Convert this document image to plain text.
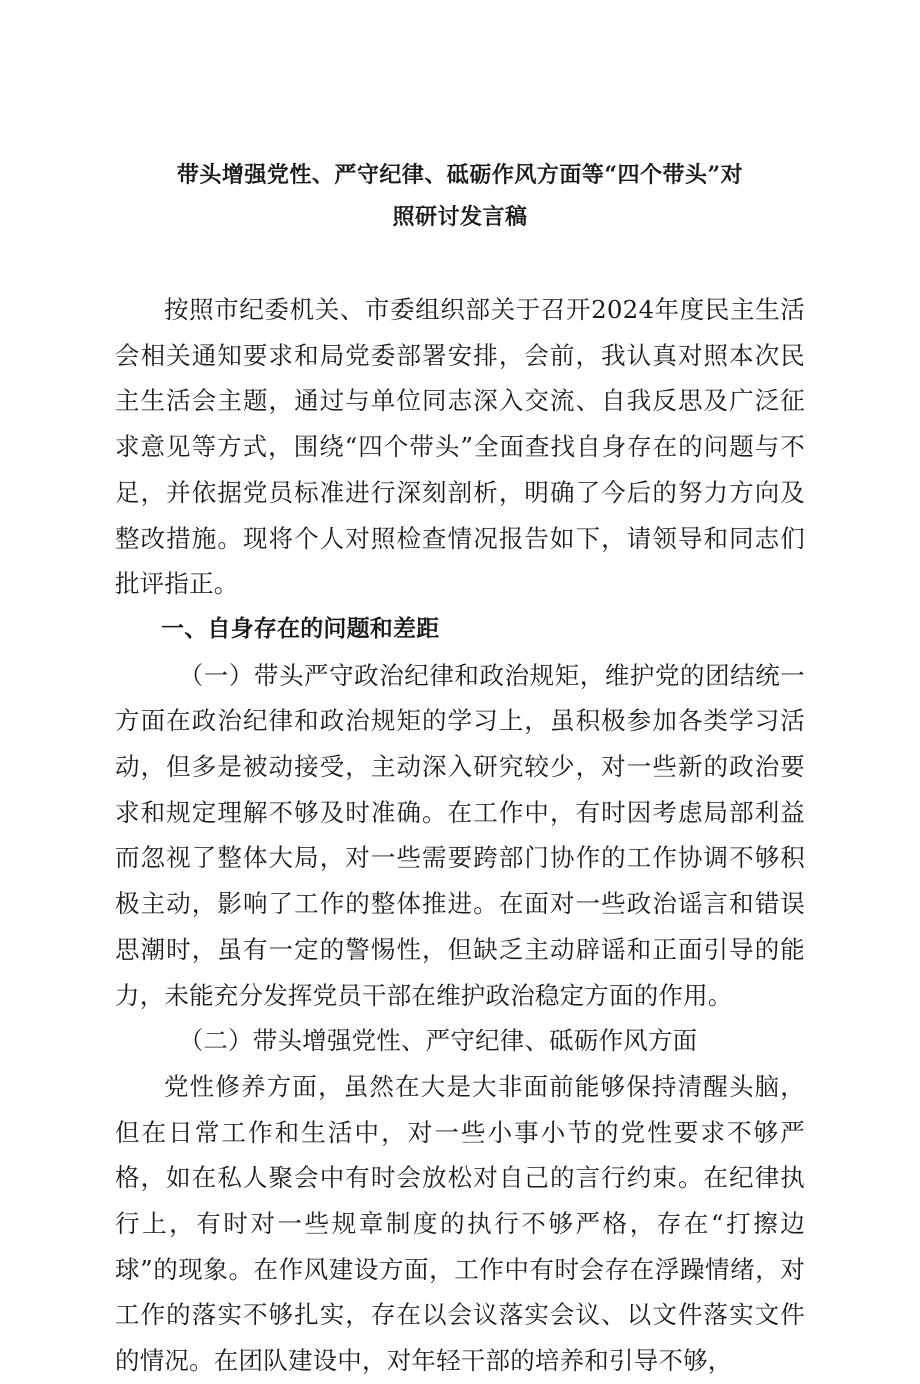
带头增强党性、严守纪律、砥砺作风方面等“四个带头”对
照研讨发言稿

按照市纪委机关、市委组织部关于召开2024年度民主生活会相关通知要求和局党委部署安排，会前，我认真对照本次民主生活会主题，通过与单位同志深入交流、自我反思及广泛征求意见等方式，围绕“四个带头”全面查找自身存在的问题与不足，并依据党员标准进行深刻剖析，明确了今后的努力方向及整改措施。现将个人对照检查情况报告如下，请领导和同志们批评指正。

一、自身存在的问题和差距

（一）带头严守政治纪律和政治规矩，维护党的团结统一方面在政治纪律和政治规矩的学习上，虽积极参加各类学习活动，但多是被动接受，主动深入研究较少，对一些新的政治要求和规定理解不够及时准确。在工作中，有时因考虑局部利益而忽视了整体大局，对一些需要跨部门协作的工作协调不够积极主动，影响了工作的整体推进。在面对一些政治谣言和错误思潮时，虽有一定的警惕性，但缺乏主动辟谣和正面引导的能力，未能充分发挥党员干部在维护政治稳定方面的作用。

（二）带头增强党性、严守纪律、砥砺作风方面

党性修养方面，虽然在大是大非面前能够保持清醒头脑，但在日常工作和生活中，对一些小事小节的党性要求不够严格，如在私人聚会中有时会放松对自己的言行约束。在纪律执行上，有时对一些规章制度的执行不够严格，存在“打擦边球”的现象。在作风建设方面，工作中有时会存在浮躁情绪，对工作的落实不够扎实，存在以会议落实会议、以文件落实文件的情况。在团队建设中，对年轻干部的培养和引导不够，
